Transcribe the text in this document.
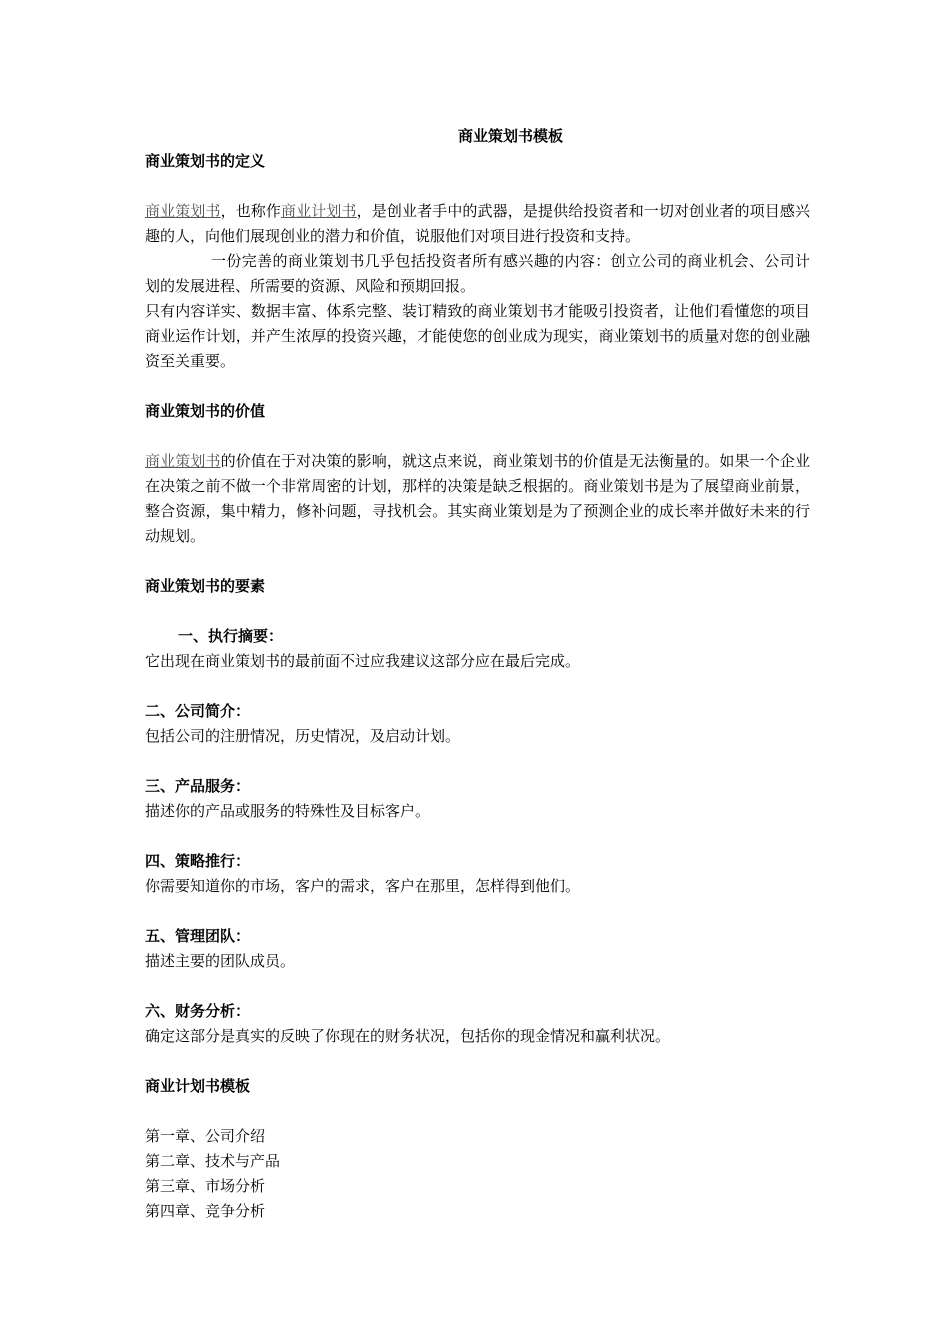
商业策划书模板
商业策划书的定义

商业策划书，也称作商业计划书，是创业者手中的武器，是提供给投资者和一切对创业者的项目感兴趣的人，向他们展现创业的潜力和价值，说服他们对项目进行投资和支持。

一份完善的商业策划书几乎包括投资者所有感兴趣的内容：创立公司的商业机会、公司计划的发展进程、所需要的资源、风险和预期回报。

只有内容详实、数据丰富、体系完整、装订精致的商业策划书才能吸引投资者，让他们看懂您的项目商业运作计划，并产生浓厚的投资兴趣，才能使您的创业成为现实，商业策划书的质量对您的创业融资至关重要。

商业策划书的价值

商业策划书的价值在于对决策的影响，就这点来说，商业策划书的价值是无法衡量的。如果一个企业在决策之前不做一个非常周密的计划，那样的决策是缺乏根据的。商业策划书是为了展望商业前景，整合资源，集中精力，修补问题，寻找机会。其实商业策划是为了预测企业的成长率并做好未来的行动规划。

商业策划书的要素
一、执行摘要：

它出现在商业策划书的最前面不过应我建议这部分应在最后完成。

二、公司简介：

包括公司的注册情况，历史情况，及启动计划。

三、产品服务：

描述你的产品或服务的特殊性及目标客户。

四、策略推行：

你需要知道你的市场，客户的需求，客户在那里，怎样得到他们。

五、管理团队：

描述主要的团队成员。

六、财务分析：

确定这部分是真实的反映了你现在的财务状况，包括你的现金情况和赢利状况。

商业计划书模板
第一章、公司介绍
第二章、技术与产品
第三章、市场分析
第四章、竞争分析
